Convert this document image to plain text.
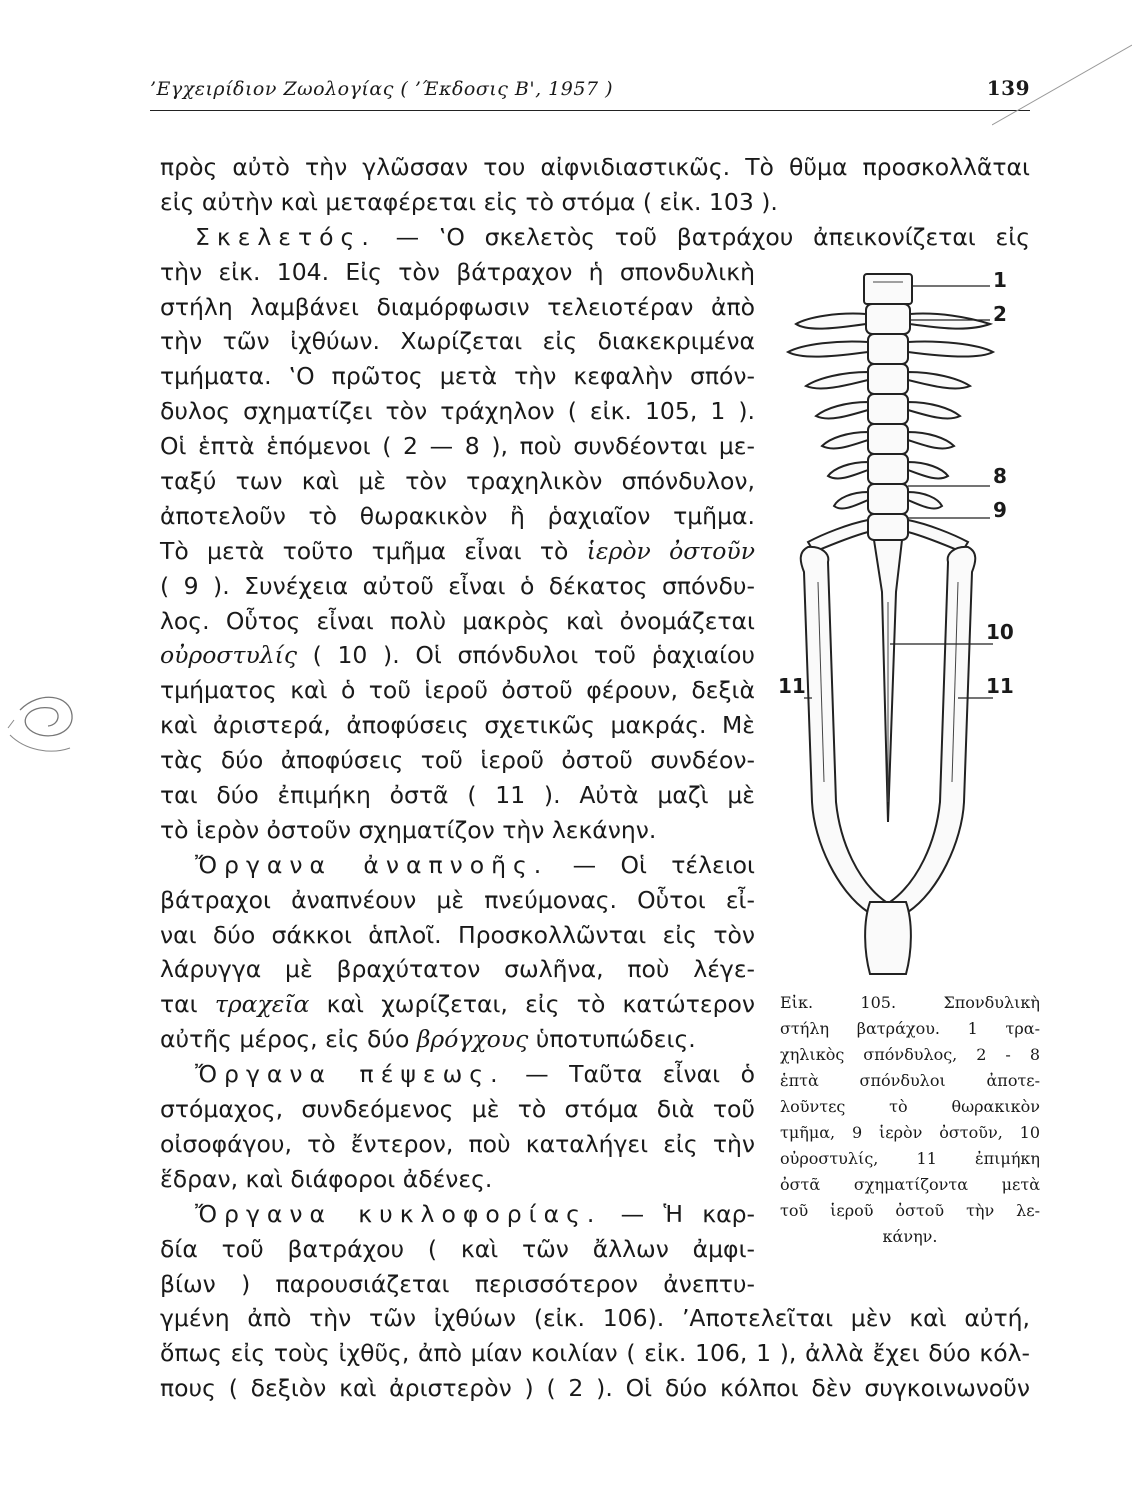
’Εγχειρίδιον Ζωολογίας ( ’Έκδοσις Β', 1957 )	139
πρὸς αὐτὸ τὴν γλῶσσαν του αἰφνιδιαστικῶς. Τὸ θῦμα προσκολλᾶται
εἰς αὐτὴν καὶ μεταφέρεται εἰς τὸ στόμα ( εἰκ. 103 ).
Σκελετός. — ‛Ο σκελετὸς τοῦ βατράχου ἀπεικονίζεται εἰς
τὴν εἰκ. 104. Εἰς τὸν βάτραχον ἡ σπονδυλικὴ
στήλη λαμβάνει διαμόρφωσιν τελειοτέραν ἀπὸ
τὴν τῶν ἰχθύων. Χωρίζεται εἰς διακεκριμένα
τμήματα. ‛Ο πρῶτος μετὰ τὴν κεφαλὴν σπόν-
δυλος σχηματίζει τὸν τράχηλον ( εἰκ. 105, 1 ).
Οἱ ἑπτὰ ἑπόμενοι ( 2 — 8 ), ποὺ συνδέονται με-
ταξύ των καὶ μὲ τὸν τραχηλικὸν σπόνδυλον,
ἀποτελοῦν τὸ θωρακικὸν ἢ ῥαχιαῖον τμῆμα.
Τὸ μετὰ τοῦτο τμῆμα εἶναι τὸ ἱερὸν ὀστοῦν
( 9 ). Συνέχεια αὐτοῦ εἶναι ὁ δέκατος σπόνδυ-
λος. Οὗτος εἶναι πολὺ μακρὸς καὶ ὀνομάζεται
οὐροστυλίς ( 10 ). Οἱ σπόνδυλοι τοῦ ῥαχιαίου
τμήματος καὶ ὁ τοῦ ἱεροῦ ὀστοῦ φέρουν, δεξιὰ
καὶ ἀριστερά, ἀποφύσεις σχετικῶς μακράς. Μὲ
τὰς δύο ἀποφύσεις τοῦ ἱεροῦ ὀστοῦ συνδέον-
ται δύο ἐπιμήκη ὀστᾶ ( 11 ). Αὐτὰ μαζὶ μὲ
τὸ ἱερὸν ὀστοῦν σχηματίζον τὴν λεκάνην.
Ὄργανα ἀναπνοῆς. — Οἱ τέλειοι
βάτραχοι ἀναπνέουν μὲ πνεύμονας. Οὗτοι εἶ-
ναι δύο σάκκοι ἁπλοῖ. Προσκολλῶνται εἰς τὸν
λάρυγγα μὲ βραχύτατον σωλῆνα, ποὺ λέγε-
ται τραχεῖα καὶ χωρίζεται, εἰς τὸ κατώτερον
αὐτῆς μέρος, εἰς δύο βρόγχους ὑποτυπώδεις.
Ὄργανα πέψεως. — Ταῦτα εἶναι ὁ
στόμαχος, συνδεόμενος μὲ τὸ στόμα διὰ τοῦ
οἰσοφάγου, τὸ ἔντερον, ποὺ καταλήγει εἰς τὴν
ἕδραν, καὶ διάφοροι ἀδένες.
Ὄργανα κυκλοφορίας. — Ἡ καρ-
δία τοῦ βατράχου ( καὶ τῶν ἄλλων ἀμφι-
βίων ) παρουσιάζεται περισσότερον ἀνεπτυ-
γμένη ἀπὸ τὴν τῶν ἰχθύων (εἰκ. 106). ’Αποτελεῖται μὲν καὶ αὐτή,
ὅπως εἰς τοὺς ἰχθῦς, ἀπὸ μίαν κοιλίαν ( εἰκ. 106, 1 ), ἀλλὰ ἔχει δύο κόλ-
πους ( δεξιὸν καὶ ἀριστερὸν ) ( 2 ). Οἱ δύο κόλποι δὲν συγκοινωνοῦν
1
2
8
9
10
11	11
Εἰκ. 105. Σπονδυλικὴ
στήλη βατράχου. 1 τρα-
χηλικὸς σπόνδυλος, 2 - 8
ἑπτὰ σπόνδυλοι ἀποτε-
λοῦντες τὸ θωρακικὸν
τμῆμα, 9 ἱερὸν ὀστοῦν, 10
οὐροστυλίς, 11 ἐπιμήκη
ὀστᾶ σχηματίζοντα μετὰ
τοῦ ἱεροῦ ὀστοῦ τὴν λε-
κάνην.
